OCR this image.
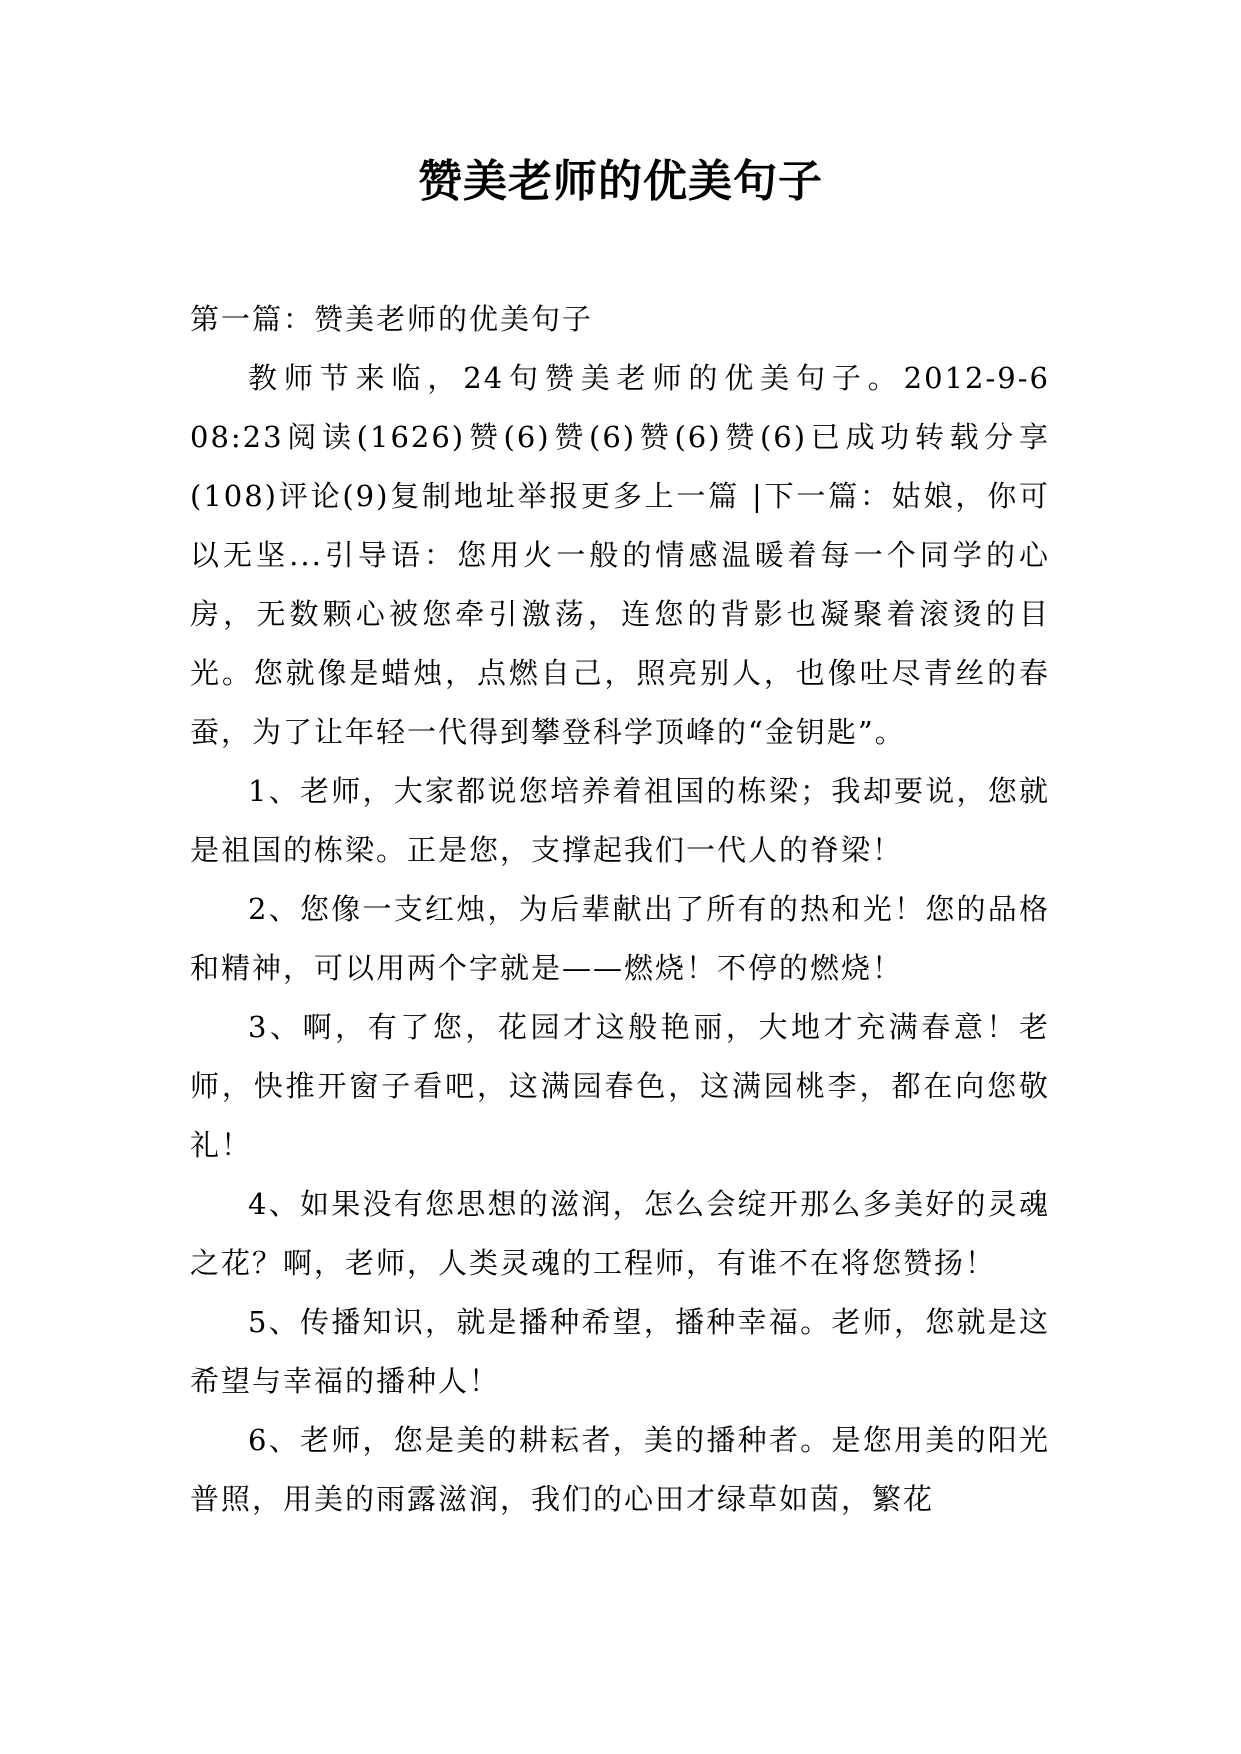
赞美老师的优美句子

第一篇：赞美老师的优美句子

教师节来临，24句赞美老师的优美句子。2012-9-6 08:23阅读(1626)赞(6)赞(6)赞(6)赞(6)已成功转载分享(108)评论(9)复制地址举报更多上一篇 |下一篇：姑娘，你可以无坚...引导语：您用火一般的情感温暖着每一个同学的心房，无数颗心被您牵引激荡，连您的背影也凝聚着滚烫的目光。您就像是蜡烛，点燃自己，照亮别人，也像吐尽青丝的春蚕，为了让年轻一代得到攀登科学顶峰的“金钥匙”。

1、老师，大家都说您培养着祖国的栋梁；我却要说，您就是祖国的栋梁。正是您，支撑起我们一代人的脊梁！

2、您像一支红烛，为后辈献出了所有的热和光！您的品格和精神，可以用两个字就是——燃烧！不停的燃烧！

3、啊，有了您，花园才这般艳丽，大地才充满春意！老师，快推开窗子看吧，这满园春色，这满园桃李，都在向您敬礼！

4、如果没有您思想的滋润，怎么会绽开那么多美好的灵魂之花？啊，老师，人类灵魂的工程师，有谁不在将您赞扬！

5、传播知识，就是播种希望，播种幸福。老师，您就是这希望与幸福的播种人！

6、老师，您是美的耕耘者，美的播种者。是您用美的阳光普照，用美的雨露滋润，我们的心田才绿草如茵，繁花
